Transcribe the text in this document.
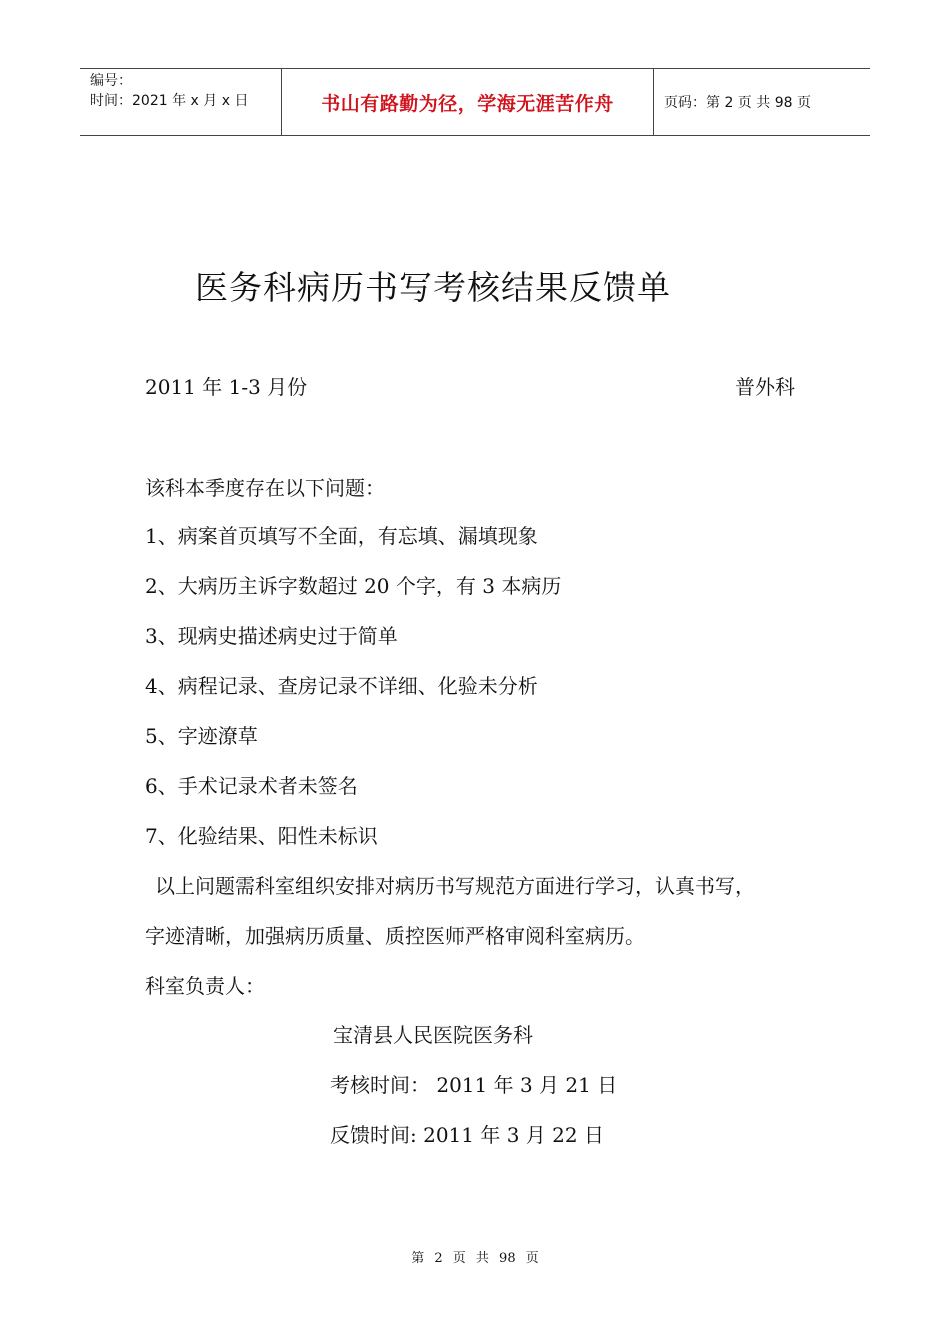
编号：
时间：2021 年 x 月 x 日	书山有路勤为径，学海无涯苦作舟	页码：第 2 页 共 98 页
医务科病历书写考核结果反馈单
2011 年 1-3 月份	普外科
该科本季度存在以下问题：
1、病案首页填写不全面，有忘填、漏填现象
2、大病历主诉字数超过 20 个字，有 3 本病历
3、现病史描述病史过于简单
4、病程记录、查房记录不详细、化验未分析
5、字迹潦草
6、手术记录术者未签名
7、化验结果、阳性未标识
以上问题需科室组织安排对病历书写规范方面进行学习，认真书写，
字迹清晰，加强病历质量、质控医师严格审阅科室病历。
科室负责人：
宝清县人民医院医务科
考核时间： 2011 年 3 月 21 日
反馈时间: 2011 年 3 月 22 日
第 2 页 共 98 页
